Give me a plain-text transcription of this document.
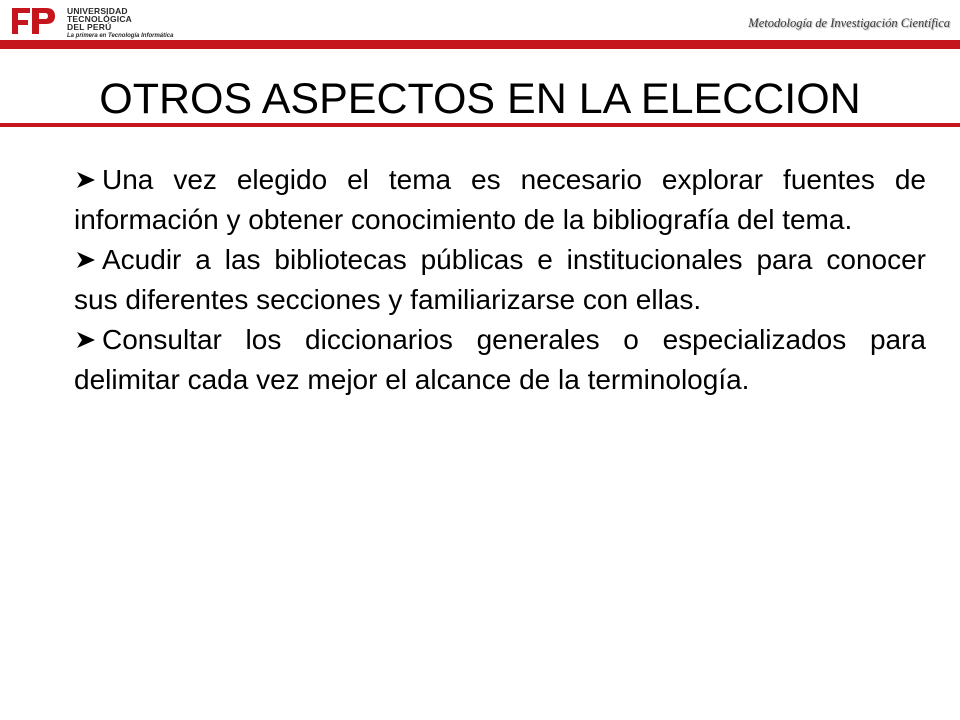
UNIVERSIDAD
TECNOLÓGICA
DEL PERÚ
La primera en Tecnología Informática
Metodología de Investigación Científica
OTROS ASPECTOS EN LA ELECCION

Una vez elegido el tema es necesario explorar fuentes de información y obtener conocimiento de la bibliografía del tema.

Acudir a las bibliotecas públicas e institucionales para conocer sus diferentes secciones y familiarizarse con ellas.

Consultar los diccionarios generales o especializados para delimitar cada vez mejor el alcance de la terminología.
